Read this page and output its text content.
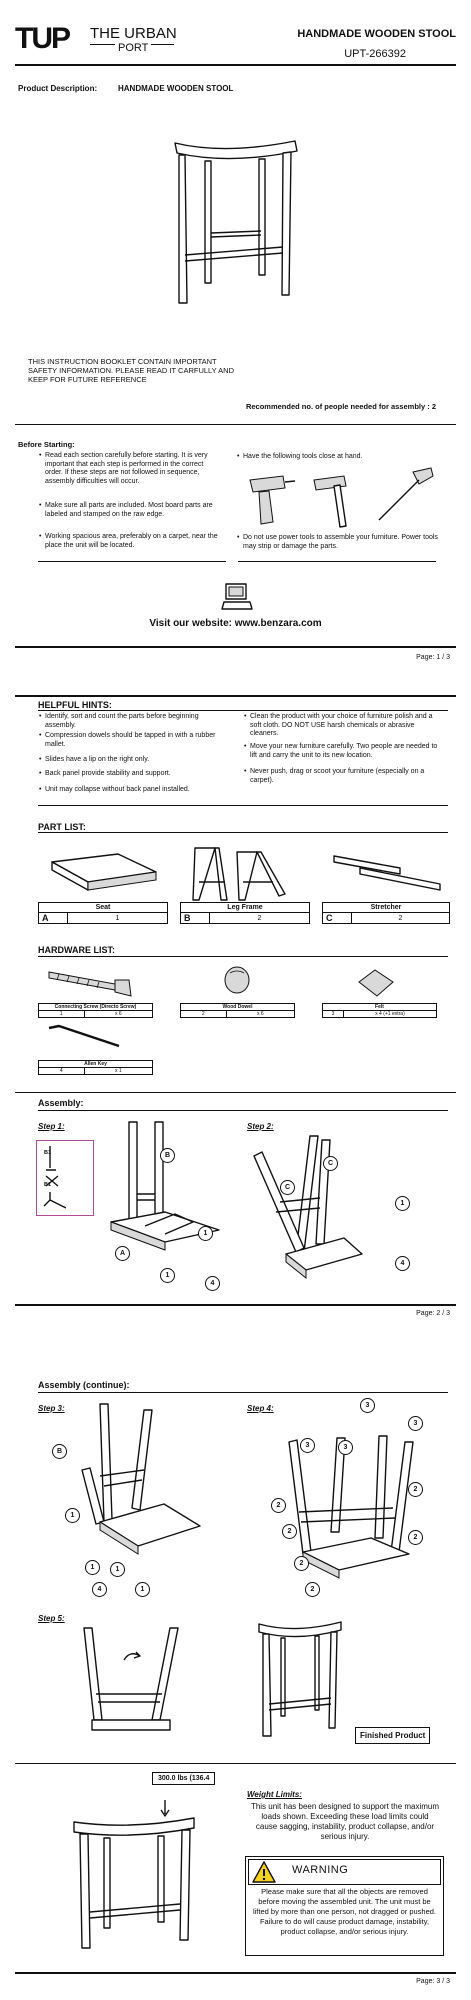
TUP THE URBAN
PORT
HANDMADE WOODEN STOOL
UPT-266392
Product Description:	HANDMADE WOODEN STOOL
THIS INSTRUCTION BOOKLET CONTAIN IMPORTANT SAFETY INFORMATION. PLEASE READ IT CARFULLY AND KEEP FOR FUTURE REFERENCE
Recommended no. of people needed for assembly : 2
Before Starting:
• Read each section carefully before starting. It is very important that each step is performed in the correct order. If these steps are not followed in sequence, assembly difficulties will occur.
• Make sure all parts are included. Most board parts are labeled and stamped on the raw edge.
• Working spacious area, preferably on a carpet, near the place the unit will be located.
• Have the following tools close at hand.
• Do not use power tools to assemble your furniture. Power tools may strip or damage the parts.
Visit our website: www.benzara.com
Page: 1 / 3
HELPFUL HINTS:
• Identify, sort and count the parts before beginning assembly.
• Compression dowels should be tapped in with a rubber mallet.
• Slides have a lip on the right only.
• Back panel provide stability and support.
• Unit may collapse without back panel installed.
• Clean the product with your choice of furniture polish and a soft cloth. DO NOT USE harsh chemicals or abrasive cleaners.
• Move your new furniture carefully. Two people are needed to lift and carry the unit to its new location.
• Never push, drag or scoot your furniture (especially on a carpet).
PART LIST:
Seat
A	1
Leg Frame
B	2
Stretcher
C	2
HARDWARE LIST:
Connecting Screw (Directo Screw)
1	x 6
Wood Dowel
2	x 6
Felt
3	x 4 (+1 extra)
Allen Key
4	x 1
Assembly:
Step 1:	Step 2:
B1
B1
B
1
A
1
4
C
C
1
4
Page: 2 / 3
Assembly (continue):
Step 3:	Step 4:
B
1
1	1
4	1
3
3
3
3
2
2
2
2
2
2
Step 5:
Finished Product
300.0 lbs (136.4
Weight Limits:
This unit has been designed to support the maximum loads shown. Exceeding these load limits could cause sagging, instability, product collapse, and/or serious injury.
WARNING
Please make sure that all the objects are removed before moving the assembled unit. The unit must be lifted by more than one person, not dragged or pushed. Failure to do will cause product damage, instability, product collapse, and/or serious injury.
Page: 3 / 3
